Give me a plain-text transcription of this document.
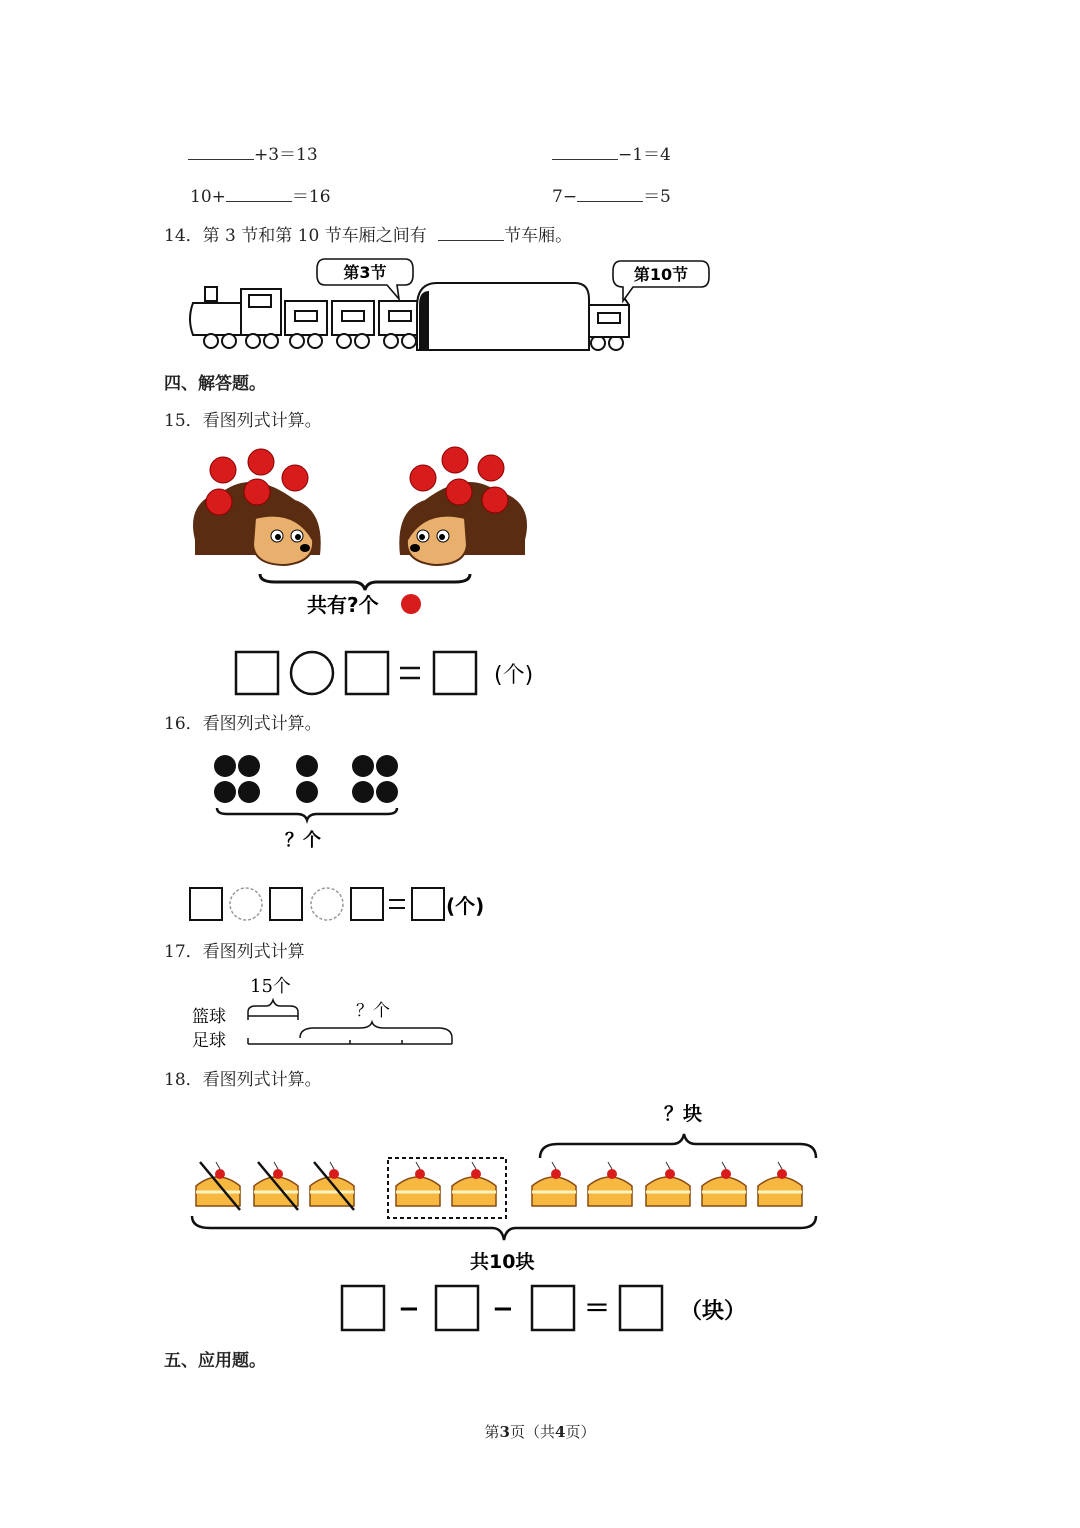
+3＝13	−1＝4
10+	＝16	7−	＝5
14．第 3 节和第 10 节车厢之间有	节车厢。
第3节	第10节
四、解答题。
15．看图列式计算。
共有?个
(个)
16．看图列式计算。
？个
(个)
17．看图列式计算
15个
篮球
足球
？个
18．看图列式计算。
？块
共10块
−	−	＝	（块）
五、应用题。
第3页（共4页）
